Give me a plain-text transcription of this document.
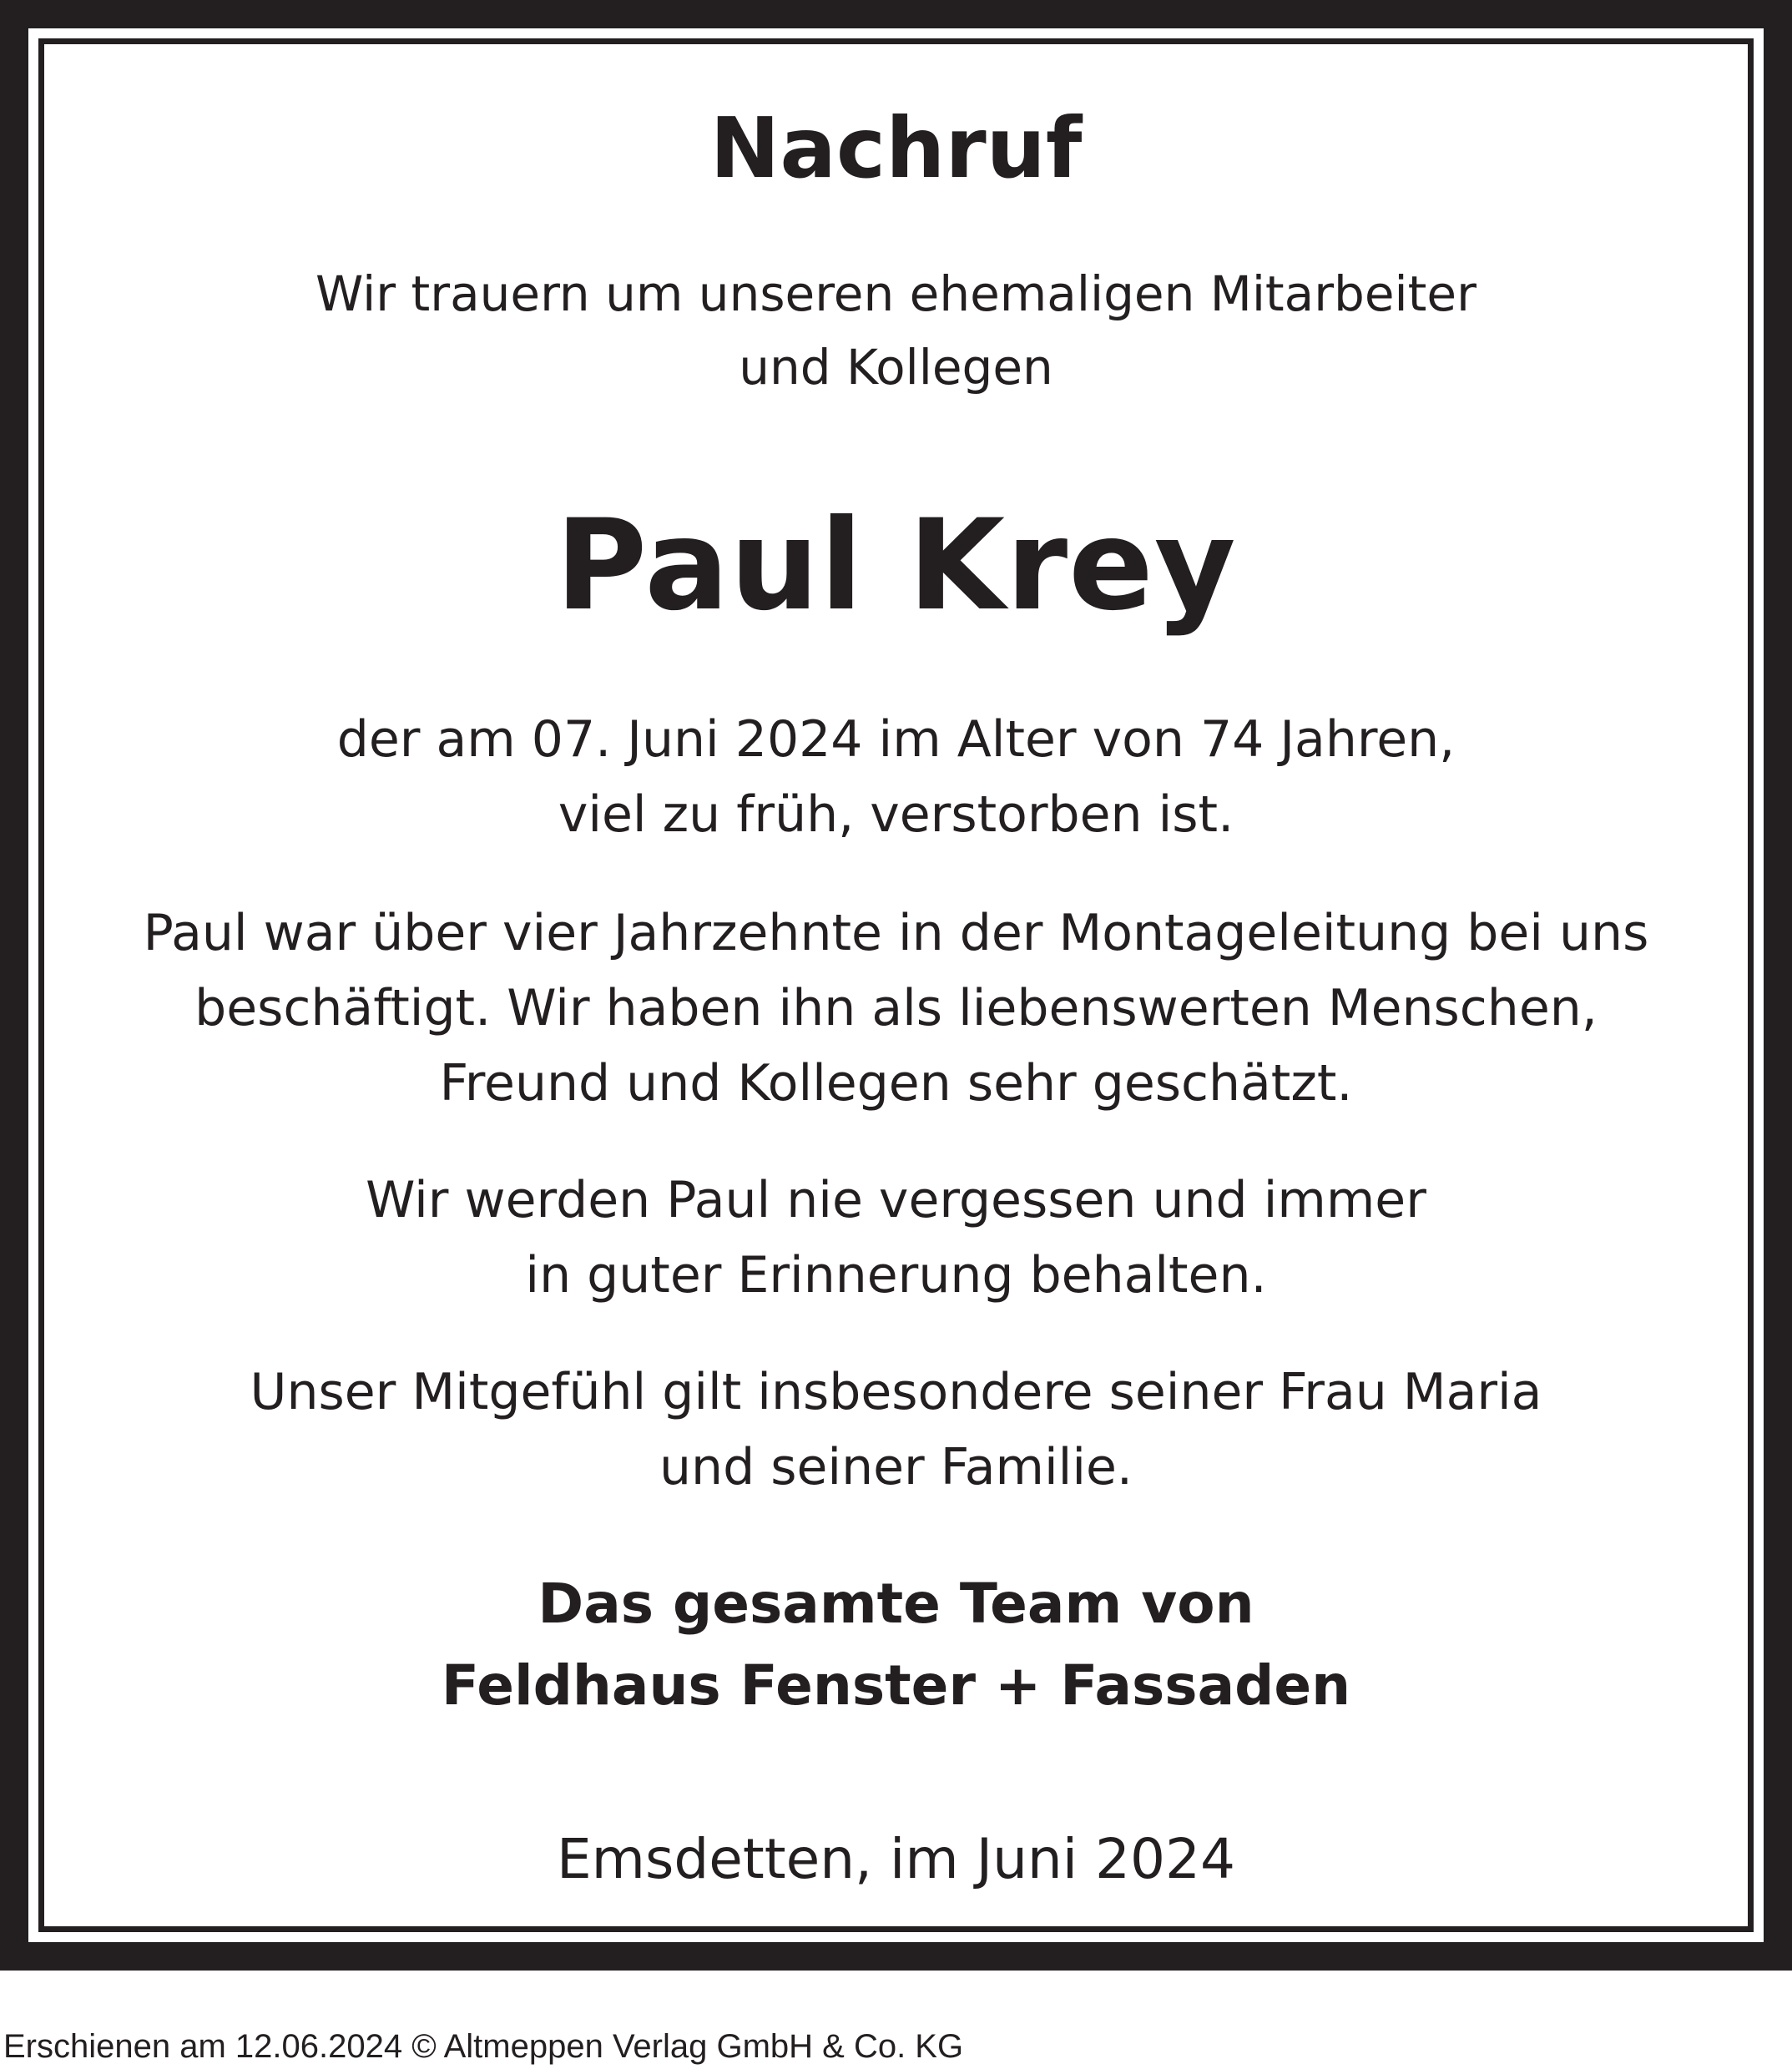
Nachruf
Wir trauern um unseren ehemaligen Mitarbeiter
und Kollegen
Paul Krey
der am 07. Juni 2024 im Alter von 74 Jahren,
viel zu früh, verstorben ist.
Paul war über vier Jahrzehnte in der Montageleitung bei uns
beschäftigt. Wir haben ihn als liebenswerten Menschen,
Freund und Kollegen sehr geschätzt.
Wir werden Paul nie vergessen und immer
in guter Erinnerung behalten.
Unser Mitgefühl gilt insbesondere seiner Frau Maria
und seiner Familie.
Das gesamte Team von
Feldhaus Fenster + Fassaden
Emsdetten, im Juni 2024
Erschienen am 12.06.2024 © Altmeppen Verlag GmbH & Co. KG
